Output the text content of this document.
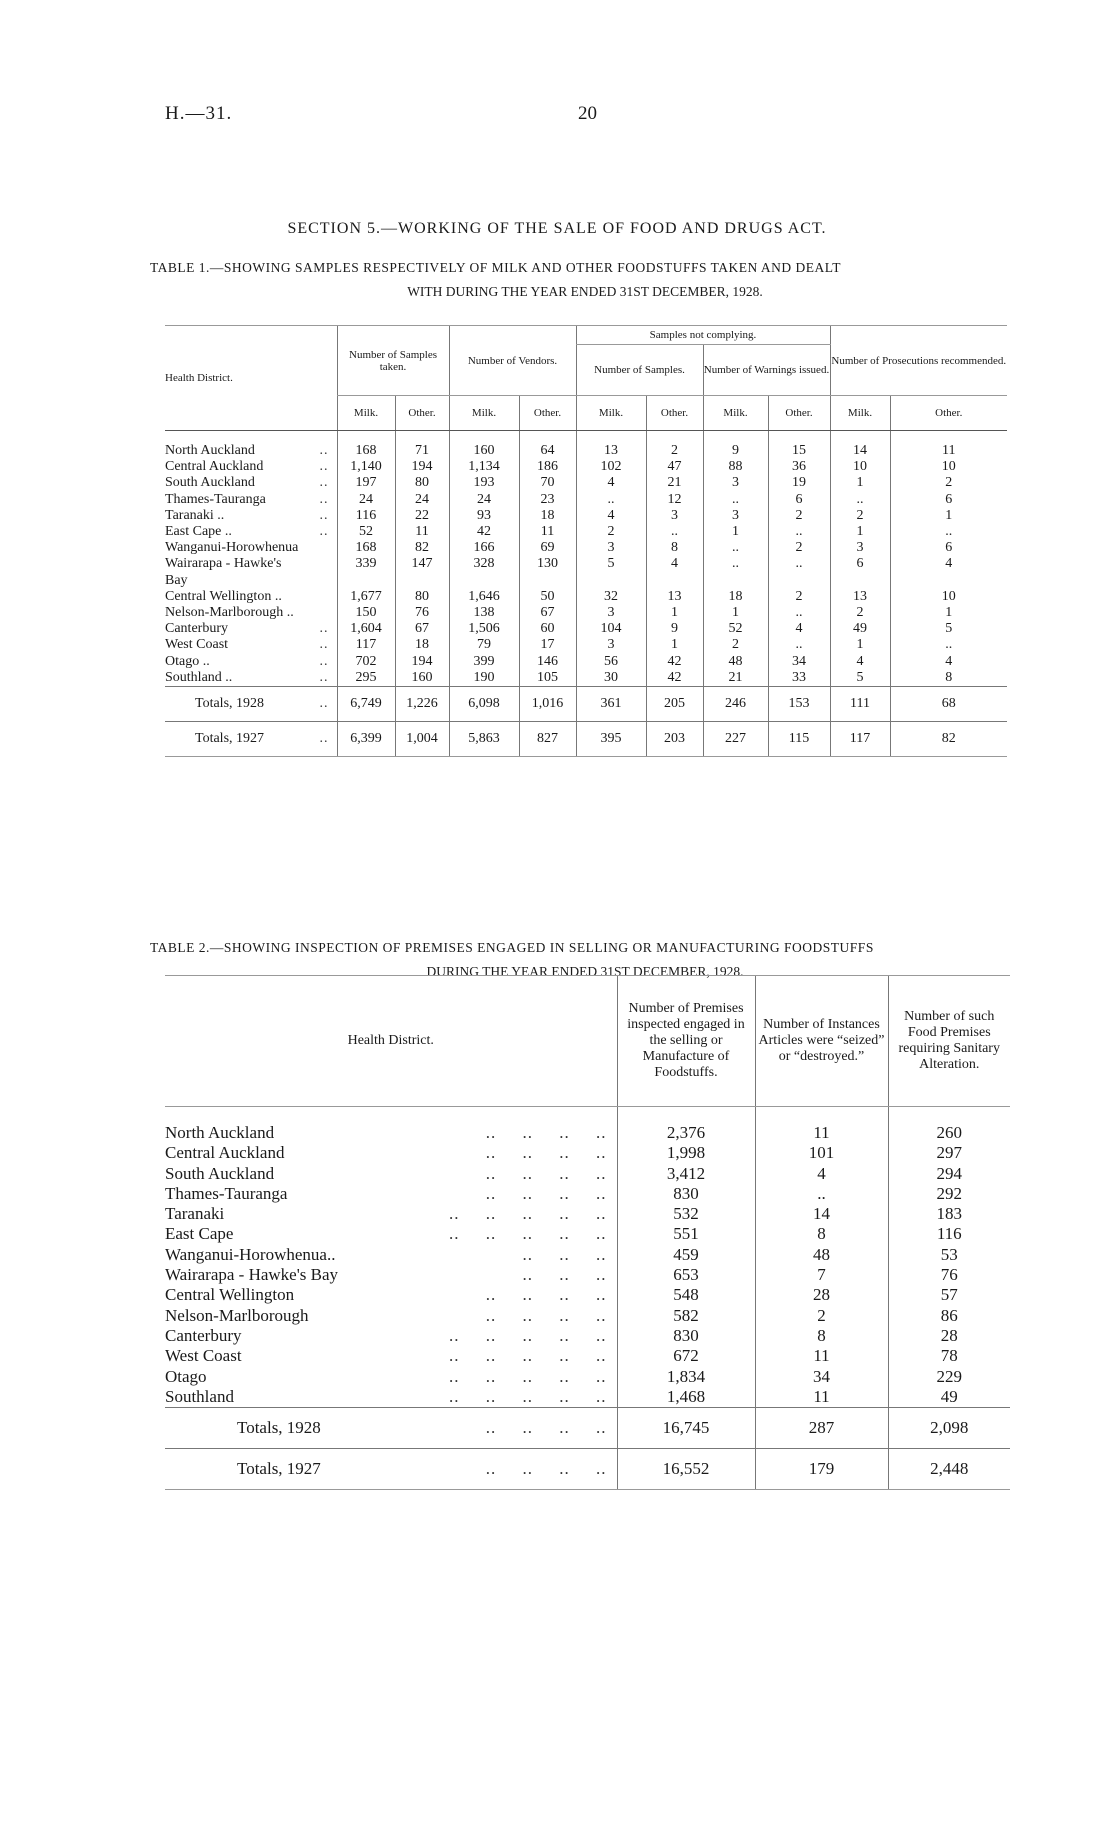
H.—31.	20
SECTION 5.—WORKING OF THE SALE OF FOOD AND DRUGS ACT.
TABLE 1.—SHOWING SAMPLES RESPECTIVELY OF MILK AND OTHER FOODSTUFFS TAKEN AND DEALT
WITH DURING THE YEAR ENDED 31ST DECEMBER, 1928.
Health District.	Number of Samples taken.		Number of Vendors.		Samples not complying.				Number of Prosecutions recommended.	
					Number of Samples.		Number of Warnings issued.			
	Milk.	Other.	Milk.	Other.	Milk.	Other.	Milk.	Other.	Milk.	Other.

North Auckland ..	168	71	160	64	13	2	9	15	14	11
Central Auckland ..	1,140	194	1,134	186	102	47	88	36	10	10
South Auckland ..	197	80	193	70	4	21	3	19	1	2
Thames-Tauranga ..	24	24	24	23	..	12	..	6	..	6
Taranaki .. ..	116	22	93	18	4	3	3	2	2	1
East Cape .. ..	52	11	42	11	2	..	1	..	1	..
Wanganui-Horowhenua	168	82	166	69	3	8	..	2	3	6
Wairarapa - Hawke's	339	147	328	130	5	4	..	..	6	4
Bay

Central Wellington ..	1,677	80	1,646	50	32	13	18	2	13	10
Nelson-Marlborough ..	150	76	138	67	3	1	1	..	2	1
Canterbury ..	1,604	67	1,506	60	104	9	52	4	49	5
West Coast ..	117	18	79	17	3	1	2	..	1	..
Otago .. ..	702	194	399	146	56	42	48	34	4	4
Southland .. ..	295	160	190	105	30	42	21	33	5	8
Totals, 1928 ..	6,749	1,226	6,098	1,016	361	205	246	153	111	68
Totals, 1927 ..	6,399	1,004	5,863	827	395	203	227	115	117	82
TABLE 2.—SHOWING INSPECTION OF PREMISES ENGAGED IN SELLING OR MANUFACTURING FOODSTUFFS
DURING THE YEAR ENDED 31ST DECEMBER, 1928.
Health District.	Number of Premises inspected engaged in the selling or Manufacture of Foodstuffs.	Number of Instances Articles were “seized” or “destroyed.”	Number of such Food Premises requiring Sanitary Alteration.

North Auckland ..     ..     ..     ..	2,376	11	260
Central Auckland ..     ..     ..     ..	1,998	101	297
South Auckland ..     ..     ..     ..	3,412	4	294
Thames-Tauranga ..     ..     ..     ..	830	..	292
Taranaki ..     ..     ..     ..     ..	532	14	183
East Cape ..     ..     ..     ..     ..	551	8	116
Wanganui-Horowhenua.. ..     ..     ..	459	48	53
Wairarapa - Hawke's Bay ..     ..     ..	653	7	76
Central Wellington ..     ..     ..     ..	548	28	57
Nelson-Marlborough ..     ..     ..     ..	582	2	86
Canterbury ..     ..     ..     ..     ..	830	8	28
West Coast ..     ..     ..     ..     ..	672	11	78
Otago ..     ..     ..     ..     ..	1,834	34	229
Southland ..     ..     ..     ..     ..	1,468	11	49
Totals, 1928 ..     ..     ..     ..	16,745	287	2,098
Totals, 1927 ..     ..     ..     ..	16,552	179	2,448
